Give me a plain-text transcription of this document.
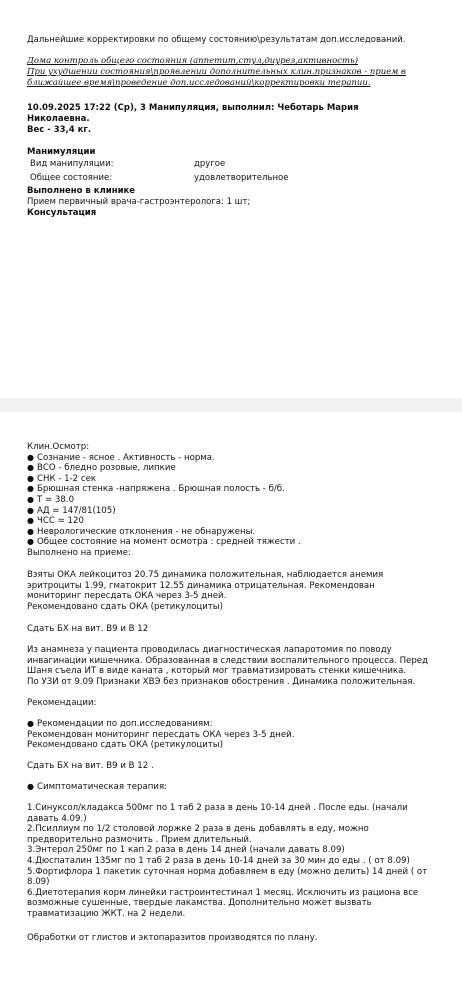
Дальнейшие корректировки по общему состоянию\результатам доп.исследований.
Дома контроль общего состояния (аппетит,стул,диурез,активность)
При ухудшении состояния\проявлении дополнительных клин.признаков - прием в
ближайшее время\проведение доп.исследований\корректировки терапии.
10.09.2025 17:22 (Ср), 3 Манипуляция, выполнил: Чеботарь Мария
Николаевна.
Вес - 33,4 кг.
Манимуляции
Вид манипуляции:	другое
Общее состояние:	удовлетворительное
Выполнено в клинике
Прием первичный врача-гастроэнтеролога: 1 шт;
Консультация
Клин.Осмотр:
● Сознание - ясное . Активность - норма.
● ВСО - бледно розовые, липкие
● СНК - 1-2 сек
● Брюшная стенка -напряжена . Брюшная полость - б/б.
● T = 38.0
● АД = 147/81(105)
● ЧСС = 120
● Неврологические отклонения - не обнаружены.
● Общее состояние на момент осмотра : средней тяжести .
Выполнено на приеме:
Взяты ОКА лейкоцитоз 20.75 динамика положительная, наблюдается анемия
эритроциты 1.99, гматокрит 12.55 динамика отрицательная. Рекомендован
мониторинг пересдать ОКА через 3-5 дней.
Рекомендовано сдать ОКА (ретикулоциты)
Сдать БХ на вит. В9 и В 12
Из анамнеза у пациента проводилась диагностическая лапаротомия по поводу
инвагинации кишечника. Образованная в следствии воспалительного процесса. Перед
Шаня съела ИТ в виде каната , который мог травматизировать стенки кишечника.
По УЗИ от 9.09 Признаки ХВЭ без признаков обострения . Динамика положительная.
Рекомендации:
● Рекомендации по доп.исследованиям:
Рекомендован мониторинг пересдать ОКА через 3-5 дней.
Рекомендовано сдать ОКА (ретикулоциты)
Сдать БХ на вит. В9 и В 12 .
● Симптоматическая терапия:
1.Синуксол/кладакса 500мг по 1 таб 2 раза в день 10-14 дней . После еды. (начали
давать 4.09.)
2.Псиллиум по 1/2 столовой лоржке 2 раза в день добавлять в еду, можно
предворительно размочить . Прием длительный.
3.Энтерол 250мг по 1 кап 2 раза в день 14 дней (начали давать 8.09)
4.Дюспаталин 135мг по 1 таб 2 раза в день 10-14 дней за 30 мин до еды . ( от 8.09)
5.Фортифлора 1 пакетик суточная норма добавляем в еду (можно делить) 14 дней ( от
8.09)
6.Диетотерапия корм линейки гастроинтестинал 1 месяц. Исключить из рациона все
возможные сушенные, твердые лакамства. Дополнительно может вызвать
травматизацию ЖКТ. на 2 недели.
Обработки от глистов и эктопаразитов производятся по плану.
